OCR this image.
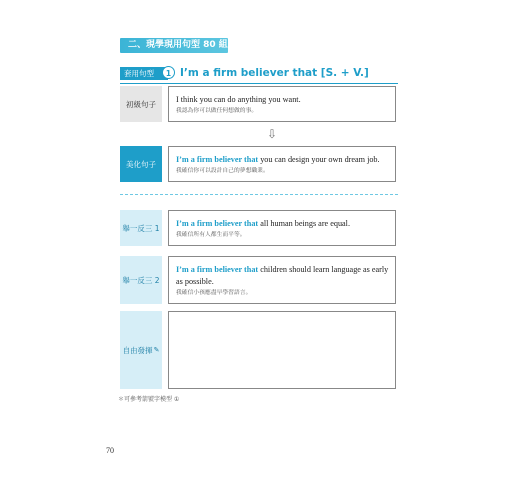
二、現學現用句型 80 組
套用句型	1 I’m a firm believer that [S. + V.]
初級句子	I think you can do anything you want.
我認為你可以做任何想做的事。
⇩
美化句子	I’m a firm believer that you can design your own dream job.
我確信你可以設計自己的夢想職業。
舉一反三 1 I’m a firm believer that all human beings are equal.
我確信所有人都生而平等。
舉一反三 2
I’m a firm believer that children should learn language as early as possible.
我確信小孩應盡早學習語言。
自由發揮 ✎
＊可參考箭號字模型 ①
70
